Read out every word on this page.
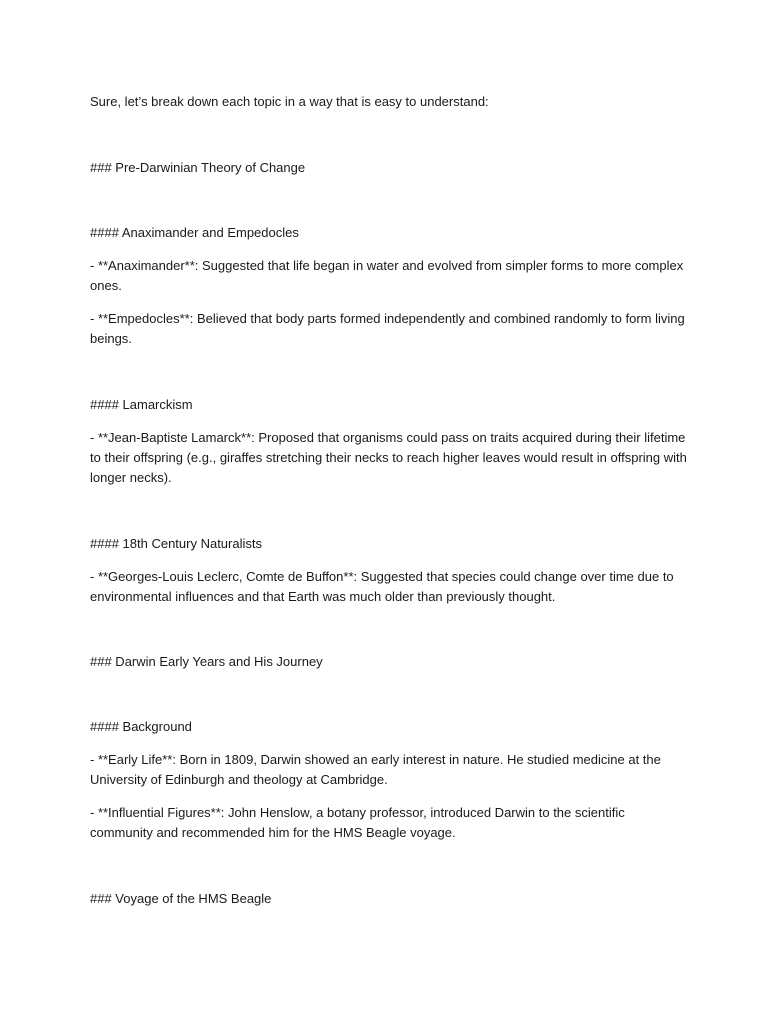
Sure, let’s break down each topic in a way that is easy to understand:
### Pre-Darwinian Theory of Change
#### Anaximander and Empedocles
- **Anaximander**: Suggested that life began in water and evolved from simpler forms to more complex ones.
- **Empedocles**: Believed that body parts formed independently and combined randomly to form living beings.
#### Lamarckism
- **Jean-Baptiste Lamarck**: Proposed that organisms could pass on traits acquired during their lifetime to their offspring (e.g., giraffes stretching their necks to reach higher leaves would result in offspring with longer necks).
#### 18th Century Naturalists
- **Georges-Louis Leclerc, Comte de Buffon**: Suggested that species could change over time due to environmental influences and that Earth was much older than previously thought.
### Darwin Early Years and His Journey
#### Background
- **Early Life**: Born in 1809, Darwin showed an early interest in nature. He studied medicine at the University of Edinburgh and theology at Cambridge.
- **Influential Figures**: John Henslow, a botany professor, introduced Darwin to the scientific community and recommended him for the HMS Beagle voyage.
### Voyage of the HMS Beagle
